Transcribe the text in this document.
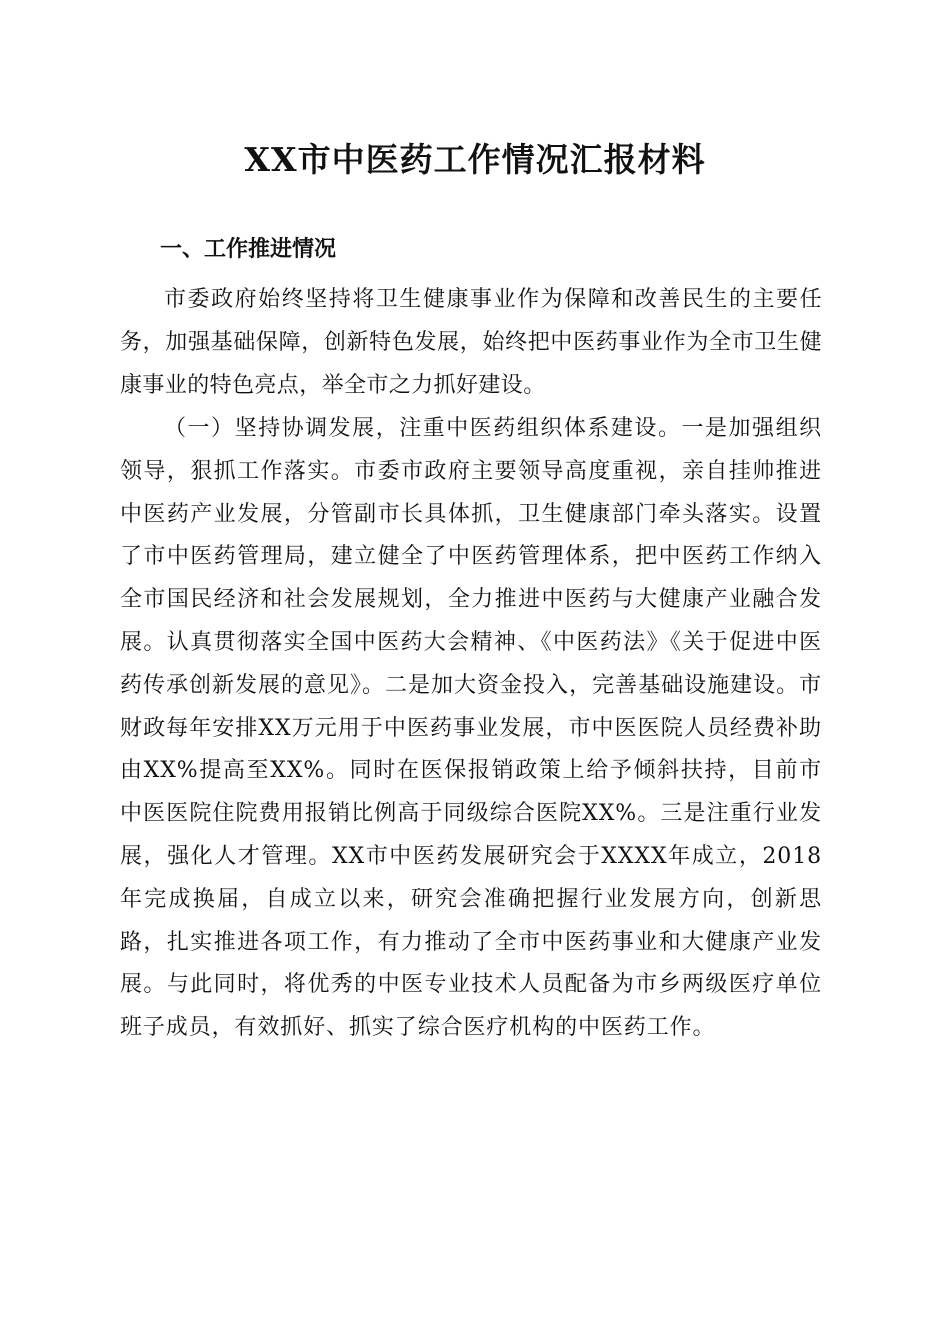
XX市中医药工作情况汇报材料
一、工作推进情况

市委政府始终坚持将卫生健康事业作为保障和改善民生的主要任务，加强基础保障，创新特色发展，始终把中医药事业作为全市卫生健康事业的特色亮点，举全市之力抓好建设。

（一）坚持协调发展，注重中医药组织体系建设。一是加强组织领导，狠抓工作落实。市委市政府主要领导高度重视，亲自挂帅推进中医药产业发展，分管副市长具体抓，卫生健康部门牵头落实。设置了市中医药管理局，建立健全了中医药管理体系，把中医药工作纳入全市国民经济和社会发展规划，全力推进中医药与大健康产业融合发展。认真贯彻落实全国中医药大会精神、《中医药法》《关于促进中医药传承创新发展的意见》。二是加大资金投入，完善基础设施建设。市财政每年安排XX万元用于中医药事业发展，市中医医院人员经费补助由XX%提高至XX%。同时在医保报销政策上给予倾斜扶持，目前市中医医院住院费用报销比例高于同级综合医院XX%。三是注重行业发展，强化人才管理。XX市中医药发展研究会于XXXX年成立，2018年完成换届，自成立以来，研究会准确把握行业发展方向，创新思路，扎实推进各项工作，有力推动了全市中医药事业和大健康产业发展。与此同时，将优秀的中医专业技术人员配备为市乡两级医疗单位班子成员，有效抓好、抓实了综合医疗机构的中医药工作。
